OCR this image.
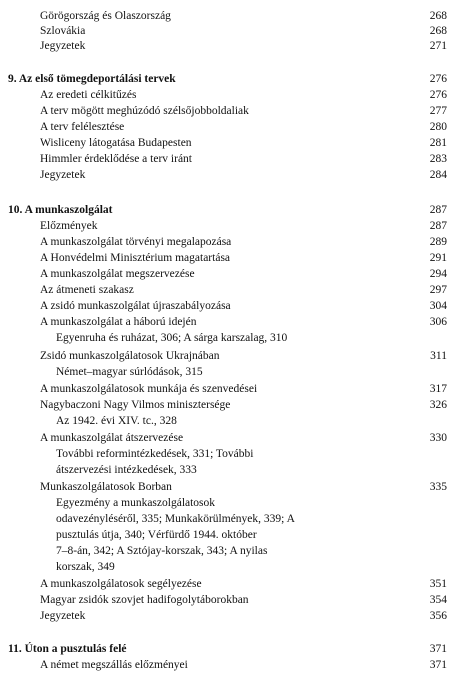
Görögország és Olaszország	268
Szlovákia	268
Jegyzetek	271
9. Az első tömegdeportálási tervek	276
Az eredeti célkitűzés	276
A terv mögött meghúzódó szélsőjobboldaliak	277
A terv felélesztése	280
Wisliceny látogatása Budapesten	281
Himmler érdeklődése a terv iránt	283
Jegyzetek	284
10. A munkaszolgálat	287
Előzmények	287
A munkaszolgálat törvényi megalapozása	289
A Honvédelmi Minisztérium magatartása	291
A munkaszolgálat megszervezése	294
Az átmeneti szakasz	297
A zsidó munkaszolgálat újraszabályozása	304
A munkaszolgálat a háború idején	306
Egyenruha és ruházat, 306; A sárga karszalag, 310
Zsidó munkaszolgálatosok Ukrajnában	311
Német–magyar súrlódások, 315
A munkaszolgálatosok munkája és szenvedései	317
Nagybaczoni Nagy Vilmos minisztersége	326
Az 1942. évi XIV. tc., 328
A munkaszolgálat átszervezése	330
További reformintézkedések, 331; További
átszervezési intézkedések, 333
Munkaszolgálatosok Borban	335
Egyezmény a munkaszolgálatosok
odavezényléséről, 335; Munkakörülmények, 339; A
pusztulás útja, 340; Vérfürdő 1944. október
7–8-án, 342; A Sztójay-korszak, 343; A nyilas
korszak, 349
A munkaszolgálatosok segélyezése	351
Magyar zsidók szovjet hadifogolytáborokban	354
Jegyzetek	356
11. Úton a pusztulás felé	371
A német megszállás előzményei	371
